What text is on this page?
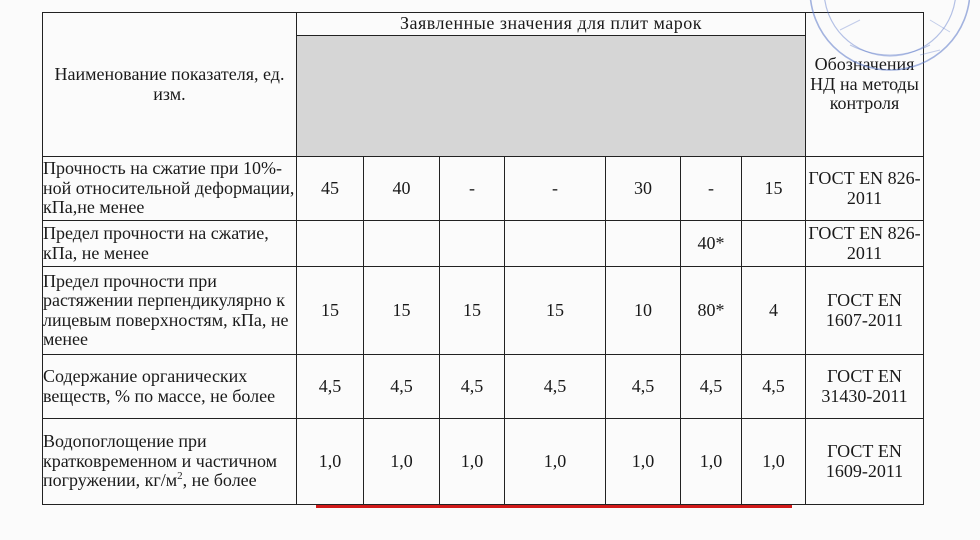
Наименование показателя, ед. изм.	Заявленные значения для плит марок							Обозначения НД на методы контроля

Прочность на сжатие при 10%-ной относительной деформации, кПа,не менее	45	40	-	-	30	-	15	ГОСТ EN 826-2011
Предел прочности на сжатие, кПа, не менее						40*		ГОСТ EN 826-2011
Предел прочности при растяжении перпендикулярно к лицевым поверхностям, кПа, не менее	15	15	15	15	10	80*	4	ГОСТ EN 1607-2011
Содержание органических веществ, % по массе, не более	4,5	4,5	4,5	4,5	4,5	4,5	4,5	ГОСТ EN 31430-2011
Водопоглощение при кратковременном и частичном погружении, $кг/м^2$, не более	1,0	1,0	1,0	1,0	1,0	1,0	1,0	ГОСТ EN 1609-2011
